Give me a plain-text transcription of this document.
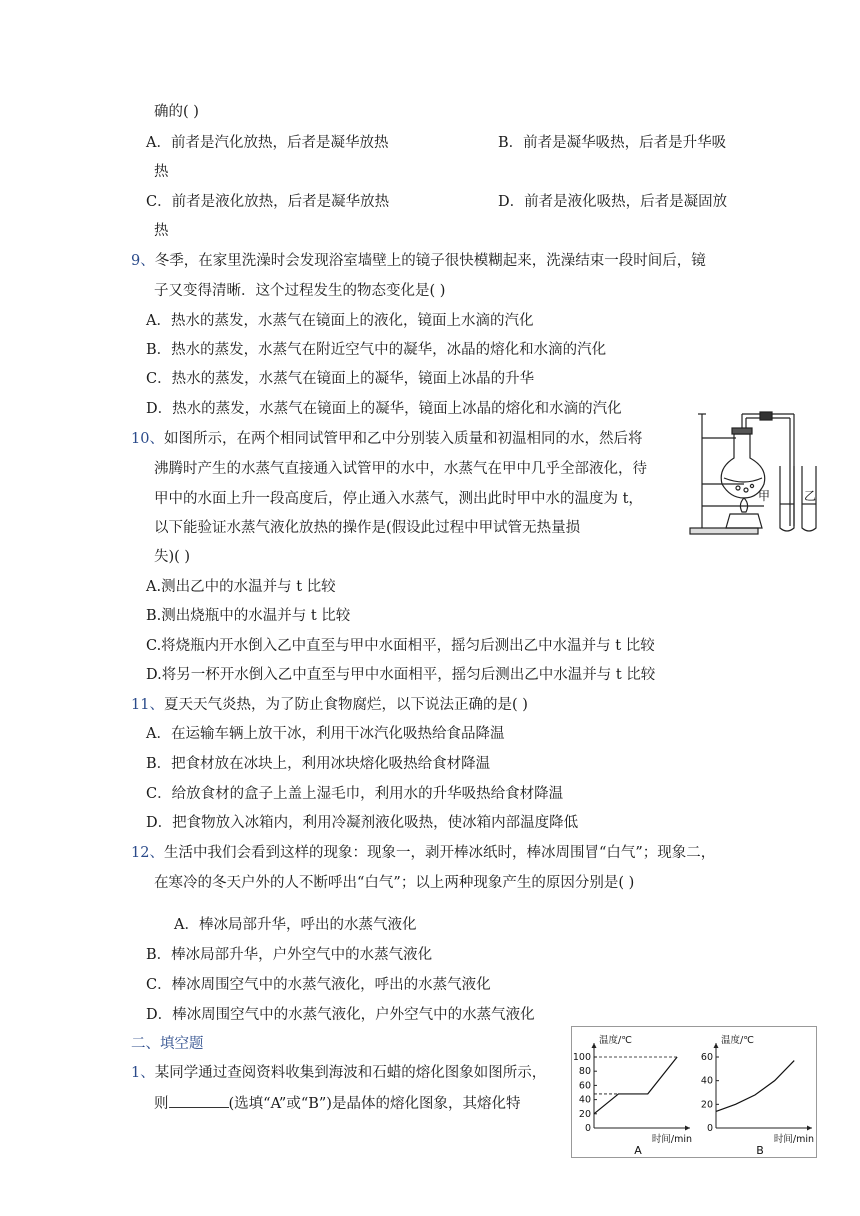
确的( )
A．前者是汽化放热，后者是凝华放热	B．前者是凝华吸热，后者是升华吸
热
C．前者是液化放热，后者是凝华放热	D．前者是液化吸热，后者是凝固放
热
9、冬季，在家里洗澡时会发现浴室墙壁上的镜子很快模糊起来，洗澡结束一段时间后，镜
子又变得清晰．这个过程发生的物态变化是( )
A．热水的蒸发，水蒸气在镜面上的液化，镜面上水滴的汽化
B．热水的蒸发，水蒸气在附近空气中的凝华，冰晶的熔化和水滴的汽化
C．热水的蒸发，水蒸气在镜面上的凝华，镜面上冰晶的升华
D．热水的蒸发，水蒸气在镜面上的凝华，镜面上冰晶的熔化和水滴的汽化
10、如图所示，在两个相同试管甲和乙中分别装入质量和初温相同的水，然后将
沸腾时产生的水蒸气直接通入试管甲的水中，水蒸气在甲中几乎全部液化，待
甲中的水面上升一段高度后，停止通入水蒸气，测出此时甲中水的温度为 t，
以下能验证水蒸气液化放热的操作是(假设此过程中甲试管无热量损
失)( )
A.测出乙中的水温并与 t 比较
B.测出烧瓶中的水温并与 t 比较
C.将烧瓶内开水倒入乙中直至与甲中水面相平，摇匀后测出乙中水温并与 t 比较
D.将另一杯开水倒入乙中直至与甲中水面相平，摇匀后测出乙中水温并与 t 比较
甲	乙
11、夏天天气炎热，为了防止食物腐烂，以下说法正确的是( )
A．在运输车辆上放干冰，利用干冰汽化吸热给食品降温
B．把食材放在冰块上，利用冰块熔化吸热给食材降温
C．给放食材的盒子上盖上湿毛巾，利用水的升华吸热给食材降温
D．把食物放入冰箱内，利用冷凝剂液化吸热，使冰箱内部温度降低
12、生活中我们会看到这样的现象：现象一，剥开棒冰纸时，棒冰周围冒“白气”；现象二，
在寒冷的冬天户外的人不断呼出“白气”；以上两种现象产生的原因分别是( )
A．棒冰局部升华，呼出的水蒸气液化
B．棒冰局部升华，户外空气中的水蒸气液化
C．棒冰周围空气中的水蒸气液化，呼出的水蒸气液化
D．棒冰周围空气中的水蒸气液化，户外空气中的水蒸气液化
二、填空题
1、某同学通过查阅资料收集到海波和石蜡的熔化图象如图所示，
则	(选填“A”或“B”)是晶体的熔化图象，其熔化特
温度/℃
时间/min
0
20
40
60
80
100
A
温度/℃
时间/min
0
20
40
60
B
